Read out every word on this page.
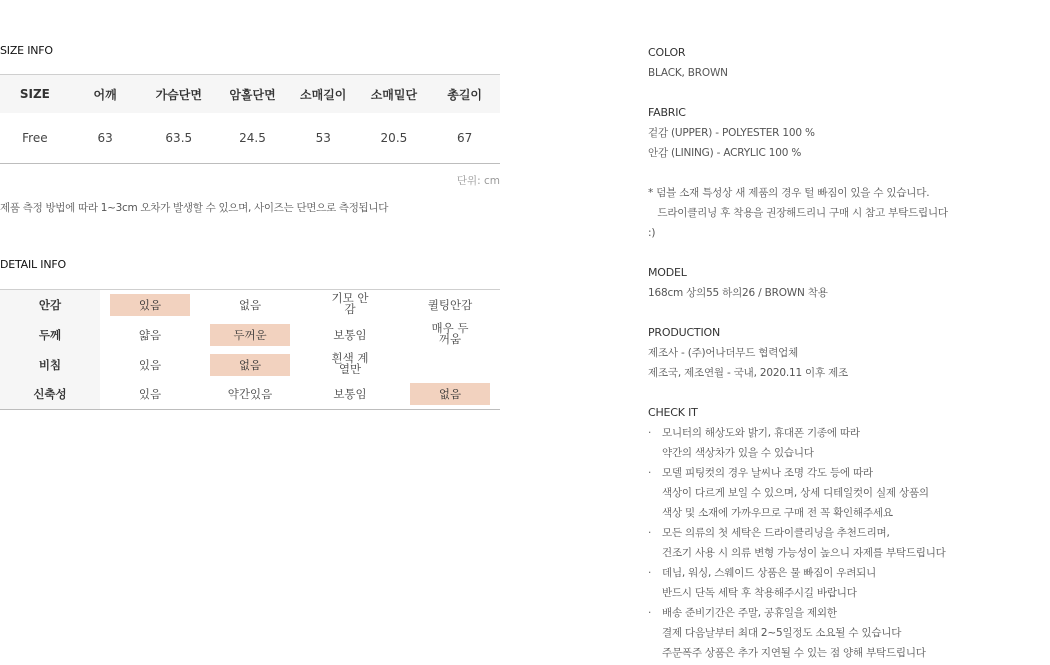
SIZE INFO
SIZE	어깨	가슴단면	암홀단면	소매길이	소매밑단	총길이
Free	63	63.5	24.5	53	20.5	67
단위: cm
제품 측정 방법에 따라 1~3cm 오차가 발생할 수 있으며, 사이즈는 단면으로 측정됩니다
DETAIL INFO
안감	있음	없음	기모 안감	퀼팅안감
두께	얇음	두꺼운	보통임	매우 두꺼움
비침	있음	없음	흰색 계열만	
신축성	있음	약간있음	보통임	없음
COLOR
BLACK, BROWN
FABRIC
겉감 (UPPER) - POLYESTER 100 %
안감 (LINING) - ACRYLIC 100 %
* 덤블 소재 특성상 새 제품의 경우 털 빠짐이 있을 수 있습니다.
드라이클리닝 후 착용을 권장해드리니 구매 시 참고 부탁드립니다
:)
MODEL
168cm 상의55 하의26 / BROWN 착용
PRODUCTION
제조사 - (주)어나더무드 협력업체
제조국, 제조연월 - 국내, 2020.11 이후 제조
CHECK IT
· 모니터의 해상도와 밝기, 휴대폰 기종에 따라
약간의 색상차가 있을 수 있습니다
· 모델 피팅컷의 경우 날씨나 조명 각도 등에 따라
색상이 다르게 보일 수 있으며, 상세 디테일컷이 실제 상품의
색상 및 소재에 가까우므로 구매 전 꼭 확인해주세요
· 모든 의류의 첫 세탁은 드라이클리닝을 추천드리며,
건조기 사용 시 의류 변형 가능성이 높으니 자제를 부탁드립니다
· 데님, 워싱, 스웨이드 상품은 물 빠짐이 우려되니
반드시 단독 세탁 후 착용해주시길 바랍니다
· 배송 준비기간은 주말, 공휴일을 제외한
결제 다음날부터 최대 2~5일정도 소요될 수 있습니다
주문폭주 상품은 추가 지연될 수 있는 점 양해 부탁드립니다
